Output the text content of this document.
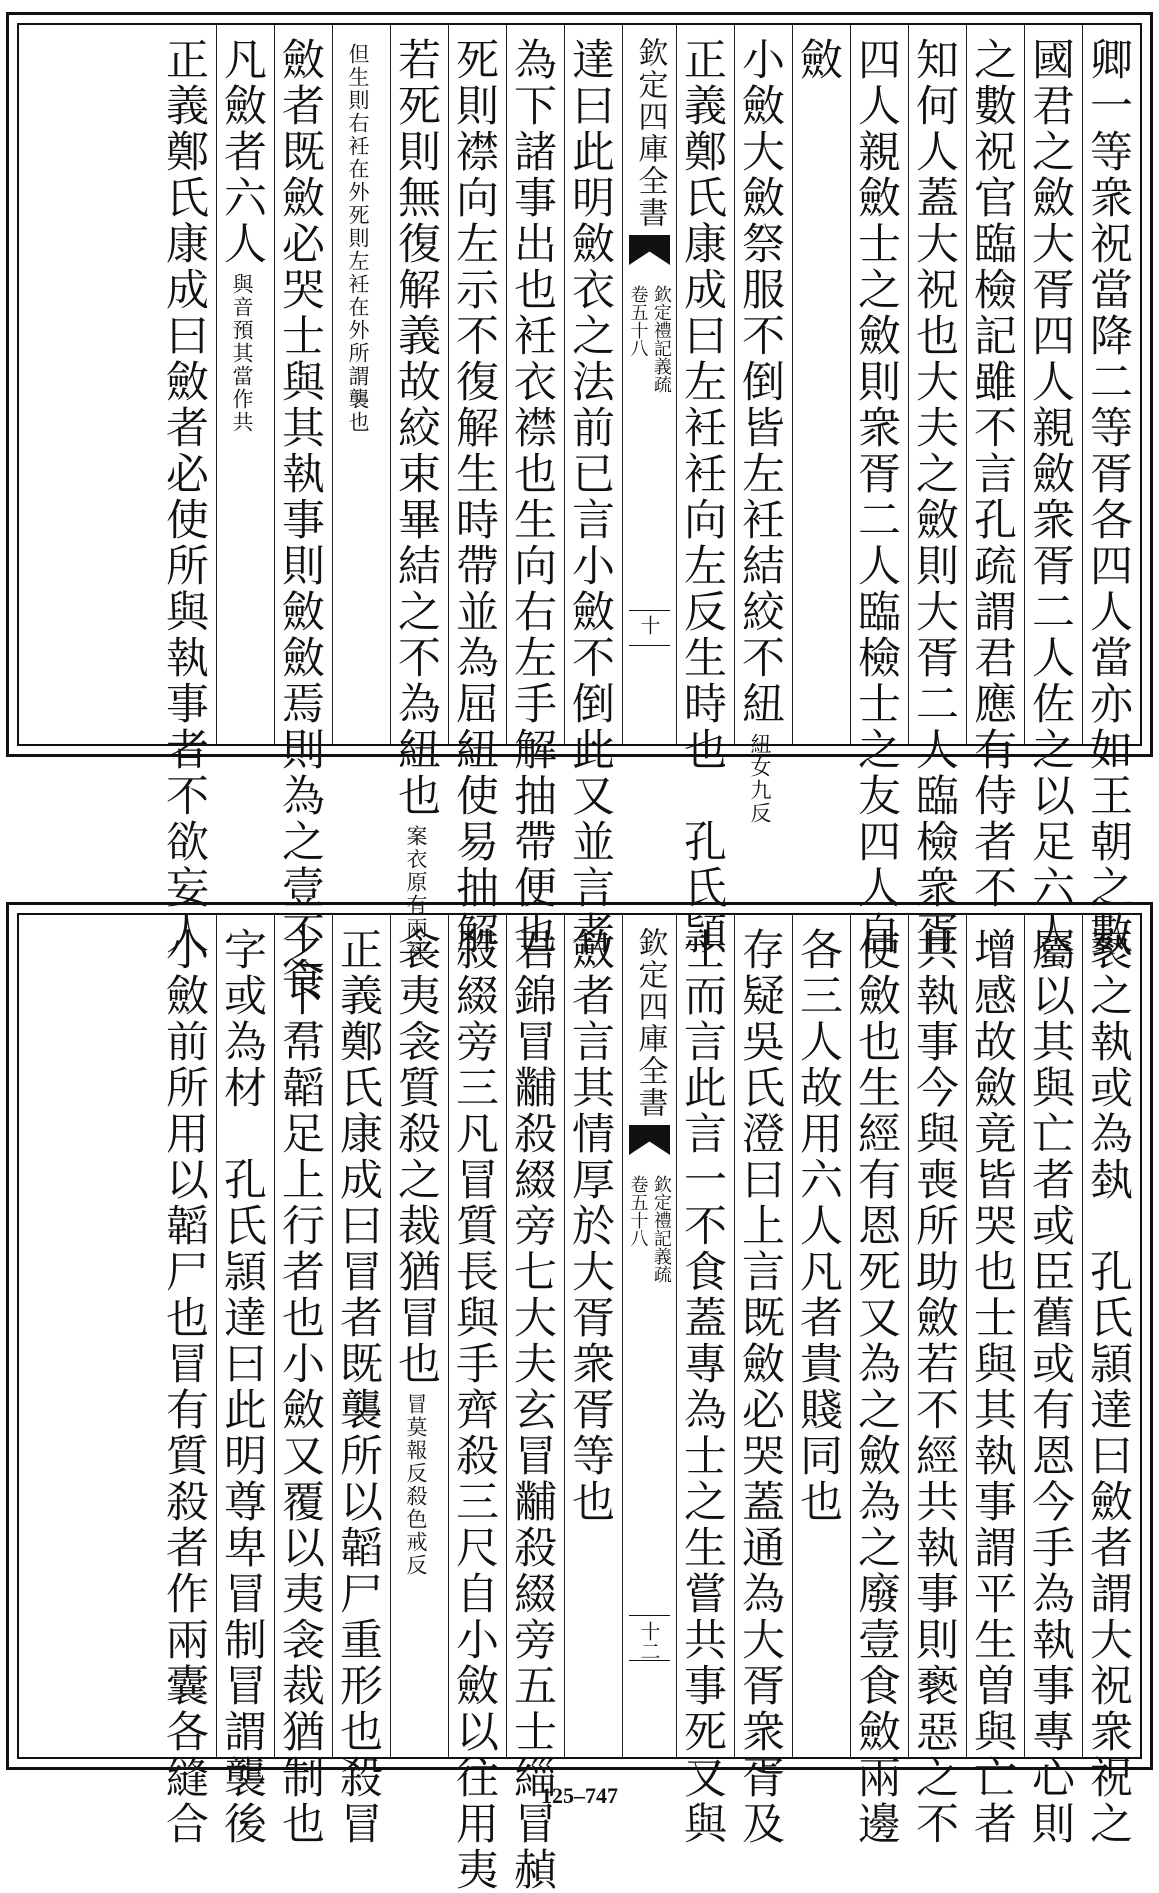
卿一等衆祝當降二等胥各四人當亦如王朝之數
國君之斂大胥四人親斂衆胥二人佐之以足六人
之數祝官臨檢記雖不言孔疏謂君應有侍者不
知何人蓋大祝也大夫之斂則大胥二人臨檢衆胥
四人親斂士之斂則衆胥二人臨檢士之友四人自
斂
小斂大斂祭服不倒皆左衽結絞不紐紐女九反
正義鄭氏康成曰左衽衽向左反生時也　孔氏頴
欽定四庫全書
欽定禮記義疏
卷五十八
十
達曰此明斂衣之法前已言小斂不倒此又並言者
為下諸事出也衽衣襟也生向右左手解抽帶便也
死則襟向左示不復解生時帶並為屈紐使易抽解
若死則無復解義故絞束畢結之不為紐也案衣原有兩衽
但生則右衽在外死則左衽在外所謂襲也
斂者既斂必哭士與其執事則斂斂焉則為之壹不食
凡斂者六人與音預其當作共
正義鄭氏康成曰斂者必使所與執事者不欲妄人
褻之執或為埶　孔氏頴達曰斂者謂大祝衆祝之
屬以其與亡者或臣舊或有恩今手為執事專心則
增感故斂竟皆哭也士與其執事謂平生曽與亡者
共執事今與喪所助斂若不經共執事則褻惡之不
使斂也生經有恩死又為之斂為之廢壹食斂兩邊
各三人故用六人凡者貴賤同也
存疑吳氏澄曰上言既斂必哭蓋通為大胥衆胥及
士而言此言一不食蓋專為士之生嘗共事死又與
欽定四庫全書
欽定禮記義疏
卷五十八
十二
斂者言其情厚於大胥衆胥等也
君錦冒黼殺綴旁七大夫玄冒黼殺綴旁五士緇冒赬
殺綴旁三凡冒質長與手齊殺三尺自小斂以往用夷
衾夷衾質殺之裁猶冒也冒莫報反殺色戒反
正義鄭氏康成曰冒者既襲所以韜尸重形也殺冒
之下帬韜足上行者也小斂又覆以夷衾裁猶制也
字或為材　孔氏頴達曰此明尊卑冒制冒謂襲後
小斂前所用以韜尸也冒有質殺者作兩囊各縫合	125–747
